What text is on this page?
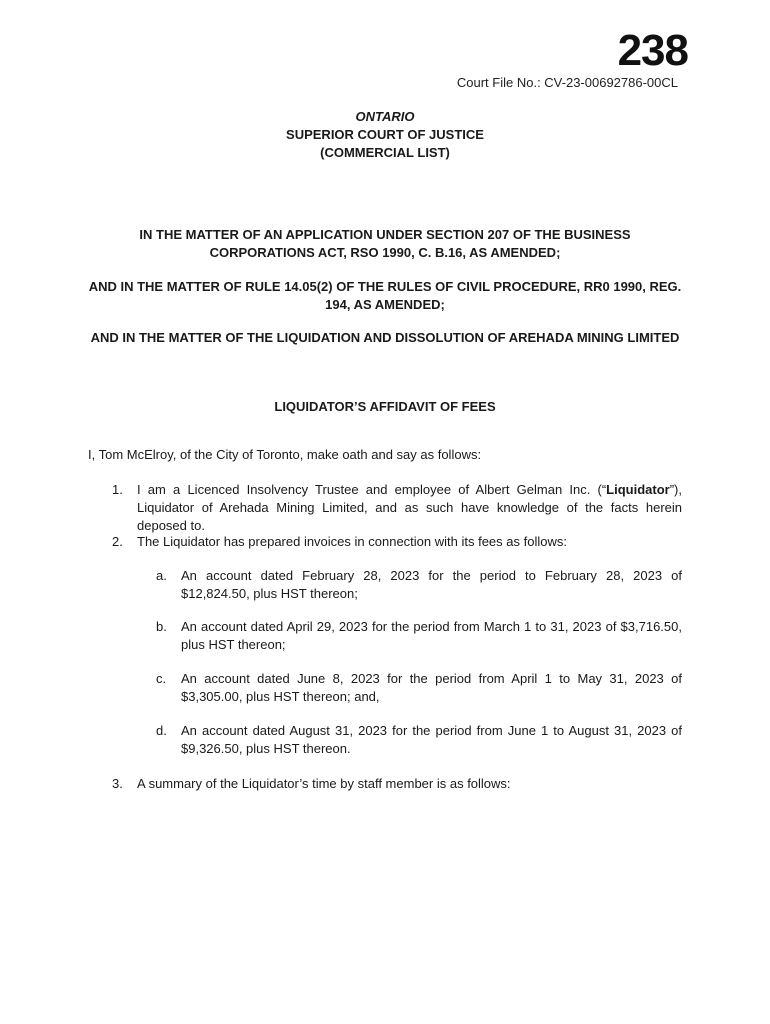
238
Court File No.: CV-23-00692786-00CL
ONTARIO
SUPERIOR COURT OF JUSTICE
(COMMERCIAL LIST)
IN THE MATTER OF AN APPLICATION UNDER SECTION 207 OF THE BUSINESS CORPORATIONS ACT, RSO 1990, C. B.16, AS AMENDED;
AND IN THE MATTER OF RULE 14.05(2) OF THE RULES OF CIVIL PROCEDURE, RR0 1990, REG. 194, AS AMENDED;
AND IN THE MATTER OF THE LIQUIDATION AND DISSOLUTION OF AREHADA MINING LIMITED
LIQUIDATOR’S AFFIDAVIT OF FEES
I, Tom McElroy, of the City of Toronto, make oath and say as follows:
1. I am a Licenced Insolvency Trustee and employee of Albert Gelman Inc. (“Liquidator”), Liquidator of Arehada Mining Limited, and as such have knowledge of the facts herein deposed to.
2. The Liquidator has prepared invoices in connection with its fees as follows:
a. An account dated February 28, 2023 for the period to February 28, 2023 of $12,824.50, plus HST thereon;
b. An account dated April 29, 2023 for the period from March 1 to 31, 2023 of $3,716.50, plus HST thereon;
c. An account dated June 8, 2023 for the period from April 1 to May 31, 2023 of $3,305.00, plus HST thereon; and,
d. An account dated August 31, 2023 for the period from June 1 to August 31, 2023 of $9,326.50, plus HST thereon.
3. A summary of the Liquidator’s time by staff member is as follows:
